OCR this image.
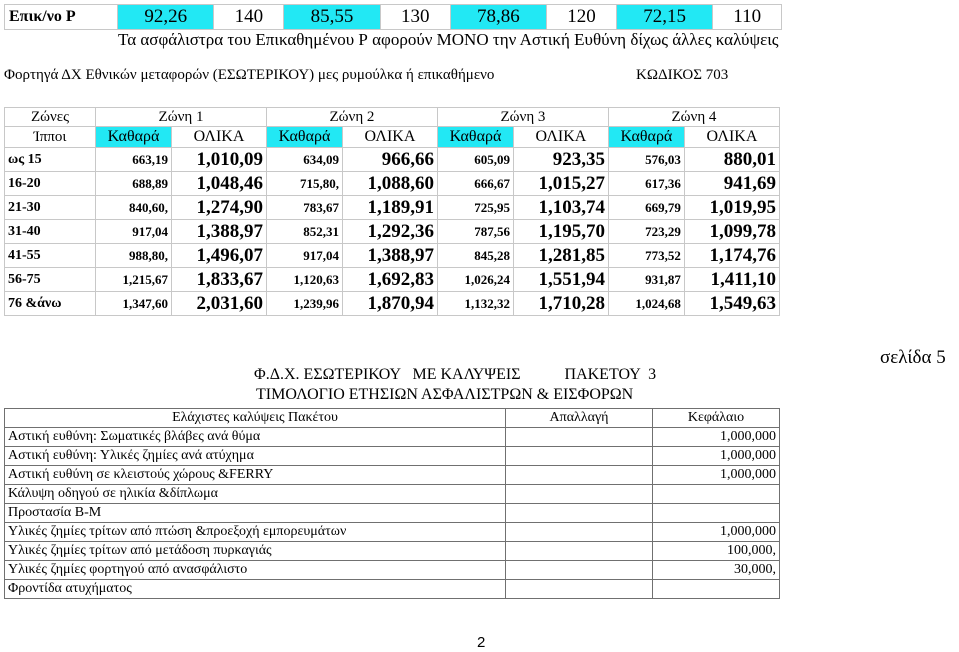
Επικ/νο Ρ	92,26	140	85,55	130	78,86	120	72,15	110
Τα ασφάλιστρα του Επικαθημένου Ρ αφορούν ΜΟΝΟ την Αστική Ευθύνη δίχως άλλες καλύψεις
Φορτηγά ΔΧ Εθνικών μεταφορών (ΕΣΩΤΕΡΙΚΟΥ) μες ρυμούλκα ή επικαθήμενο	ΚΩΔΙΚΟΣ 703
Ζώνες	Ζώνη 1		Ζώνη 2		Ζώνη 3		Ζώνη 4	
Ίπποι	Καθαρά	ΟΛΙΚΑ	Καθαρά	ΟΛΙΚΑ	Καθαρά	ΟΛΙΚΑ	Καθαρά	ΟΛΙΚΑ
ως 15	663,19	1,010,09	634,09	966,66	605,09	923,35	576,03	880,01
16-20	688,89	1,048,46	715,80,	1,088,60	666,67	1,015,27	617,36	941,69
21-30	840,60,	1,274,90	783,67	1,189,91	725,95	1,103,74	669,79	1,019,95
31-40	917,04	1,388,97	852,31	1,292,36	787,56	1,195,70	723,29	1,099,78
41-55	988,80,	1,496,07	917,04	1,388,97	845,28	1,281,85	773,52	1,174,76
56-75	1,215,67	1,833,67	1,120,63	1,692,83	1,026,24	1,551,94	931,87	1,411,10
76 &άνω	1,347,60	2,031,60	1,239,96	1,870,94	1,132,32	1,710,28	1,024,68	1,549,63
σελίδα 5
Φ.Δ.Χ. ΕΣΩΤΕΡΙΚΟΥ   ΜΕ ΚΑΛΥΨΕΙΣ           ΠΑΚΕΤΟΥ  3
ΤΙΜΟΛΟΓΙΟ ΕΤΗΣΙΩΝ ΑΣΦΑΛΙΣΤΡΩΝ & ΕΙΣΦΟΡΩΝ
Ελάχιστες καλύψεις Πακέτου	Απαλλαγή	Κεφάλαιο
Αστική ευθύνη: Σωματικές βλάβες ανά θύμα		1,000,000
Αστική ευθύνη: Υλικές ζημίες ανά ατύχημα		1,000,000
Αστική ευθύνη σε κλειστούς χώρους &FERRY		1,000,000
Κάλυψη οδηγού σε ηλικία &δίπλωμα		
Προστασία Β-Μ		
Υλικές ζημίες τρίτων από πτώση &προεξοχή εμπορευμάτων		1,000,000
Υλικές ζημίες τρίτων από μετάδοση πυρκαγιάς		100,000,
Υλικές ζημίες φορτηγού από ανασφάλιστο		30,000,
Φροντίδα ατυχήματος		
2
